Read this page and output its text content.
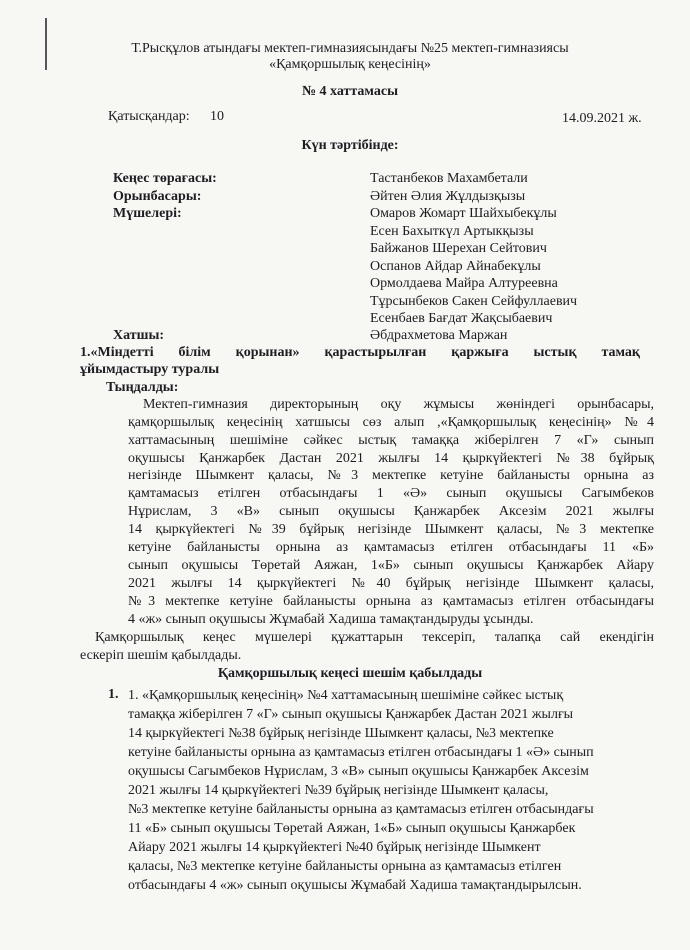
Т.Рысқұлов атындағы мектеп-гимназиясындағы №25 мектеп-гимназиясы
«Қамқоршылық кеңесінің»
№ 4 хаттамасы
Қатысқандар: 10	14.09.2021 ж.
Күн тәртібінде:
Кеңес төрағасы:	Тастанбеков Махамбетали
Орынбасары:	Әйтен Әлия Жұлдызқызы
Мүшелері:	Омаров Жомарт Шайхыбекұлы
Есен Бахыткүл Артыкқызы
Байжанов Шерехан Сейтович
Оспанов Айдар Айнабекұлы
Ормолдаева Майра Алтуреевна
Тұрсынбеков Сакен Сейфуллаевич
Есенбаев Бағдат Жақсыбаевич
Хатшы:	Әбдрахметова Маржан
1.«Міндетті білім қорынан» қарастырылған қаржыға ыстық тамақ
ұйымдастыру туралы
Тыңдалды:
Мектеп-гимназия директорының оқу жұмысы жөніндегі орынбасары,
қамқоршылық кеңесінің хатшысы сөз алып ,«Қамқоршылық кеңесінің» №4
хаттамасының шешіміне сәйкес ыстық тамаққа жіберілген 7 «Г» сынып
оқушысы Қанжарбек Дастан 2021 жылғы 14 қыркүйектегі №38 бұйрық
негізінде Шымкент қаласы, №3 мектепке кетуіне байланысты орнына аз
қамтамасыз етілген отбасындағы 1 «Ә» сынып оқушысы Сагымбеков
Нұрислам, 3 «В» сынып оқушысы Қанжарбек Аксезім 2021 жылғы
14 қыркүйектегі №39 бұйрық негізінде Шымкент қаласы, №3 мектепке
кетуіне байланысты орнына аз қамтамасыз етілген отбасындағы 11 «Б»
сынып оқушысы Төретай Аяжан, 1«Б» сынып оқушысы Қанжарбек Айару
2021 жылғы 14 қыркүйектегі №40 бұйрық негізінде Шымкент қаласы,
№3 мектепке кетуіне байланысты орнына аз қамтамасыз етілген отбасындағы
4 «ж» сынып оқушысы Жұмабай Хадиша тамақтандыруды ұсынды.
Қамқоршылық кеңес мүшелері құжаттарын тексеріп, талапқа сай екендігін
ескеріп шешім қабылдады.
Қамқоршылық кеңесі шешім қабылдады
1. 1. «Қамқоршылық кеңесінің» №4 хаттамасының шешіміне сәйкес ыстық
тамаққа жіберілген 7 «Г» сынып оқушысы Қанжарбек Дастан 2021 жылғы
14 қыркүйектегі №38 бұйрық негізінде Шымкент қаласы, №3 мектепке
кетуіне байланысты орнына аз қамтамасыз етілген отбасындағы 1 «Ә» сынып
оқушысы Сагымбеков Нұрислам, 3 «В» сынып оқушысы Қанжарбек Аксезім
2021 жылғы 14 қыркүйектегі №39 бұйрық негізінде Шымкент қаласы,
№3 мектепке кетуіне байланысты орнына аз қамтамасыз етілген отбасындағы
11 «Б» сынып оқушысы Төретай Аяжан, 1«Б» сынып оқушысы Қанжарбек
Айару 2021 жылғы 14 қыркүйектегі №40 бұйрық негізінде Шымкент
қаласы, №3 мектепке кетуіне байланысты орнына аз қамтамасыз етілген
отбасындағы 4 «ж» сынып оқушысы Жұмабай Хадиша тамақтандырылсын.
